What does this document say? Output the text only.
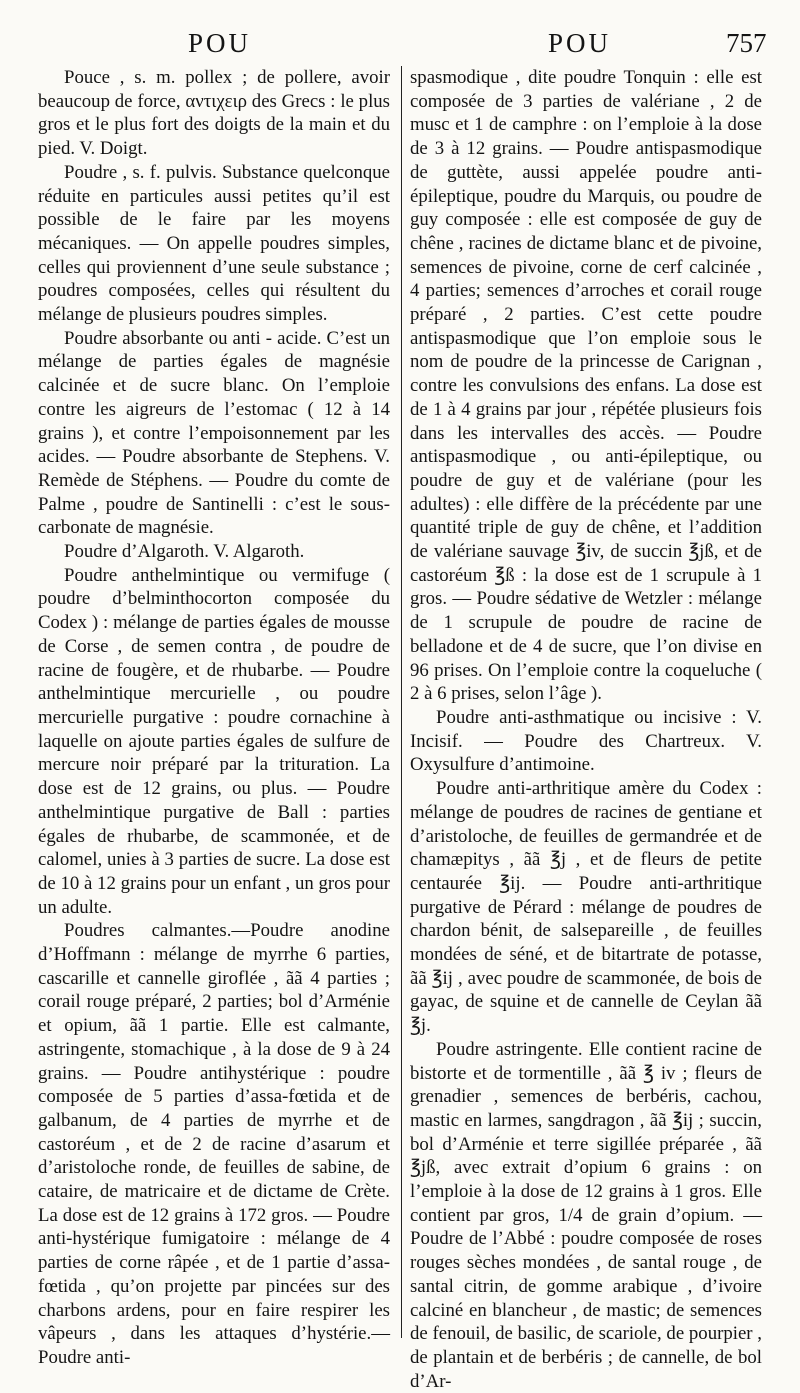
POU	POU	757

Pouce , s. m. pollex ; de pollere, avoir beaucoup de force, αντιχειρ des Grecs : le plus gros et le plus fort des doigts de la main et du pied. V. Doigt.

Poudre , s. f. pulvis. Substance quelconque réduite en particules aussi petites qu’il est possible de le faire par les moyens mécaniques. — On appelle poudres simples, celles qui proviennent d’une seule substance ; poudres composées, celles qui résultent du mélange de plusieurs poudres simples.

Poudre absorbante ou anti - acide. C’est un mélange de parties égales de magnésie calcinée et de sucre blanc. On l’emploie contre les aigreurs de l’estomac ( 12 à 14 grains ), et contre l’empoisonnement par les acides. — Poudre absorbante de Stephens. V. Remède de Stéphens. — Poudre du comte de Palme , poudre de Santinelli : c’est le sous-carbonate de magnésie.

Poudre d’Algaroth. V. Algaroth.

Poudre anthelmintique ou vermifuge ( poudre d’belminthocorton composée du Codex ) : mélange de parties égales de mousse de Corse , de semen contra , de poudre de racine de fougère, et de rhubarbe. — Poudre anthelmintique mercurielle , ou poudre mercurielle purgative : poudre cornachine à laquelle on ajoute parties égales de sulfure de mercure noir préparé par la trituration. La dose est de 12 grains, ou plus. — Poudre anthelmintique purgative de Ball : parties égales de rhubarbe, de scammonée, et de calomel, unies à 3 parties de sucre. La dose est de 10 à 12 grains pour un enfant , un gros pour un adulte.

Poudres calmantes.—Poudre anodine d’Hoffmann : mélange de myrrhe 6 parties, cascarille et cannelle giroflée , ãã 4 parties ; corail rouge préparé, 2 parties; bol d’Arménie et opium, ãã 1 partie. Elle est calmante, astringente, stomachique , à la dose de 9 à 24 grains. — Poudre antihystérique : poudre composée de 5 parties d’assa-fœtida et de galbanum, de 4 parties de myrrhe et de castoréum , et de 2 de racine d’asarum et d’aristoloche ronde, de feuilles de sabine, de cataire, de matricaire et de dictame de Crète. La dose est de 12 grains à 172 gros. — Poudre anti-hystérique fumigatoire : mélange de 4 parties de corne râpée , et de 1 partie d’assa-fœtida , qu’on projette par pincées sur des charbons ardens, pour en faire respirer les vâpeurs , dans les attaques d’hystérie.—Poudre anti-

spasmodique , dite poudre Tonquin : elle est composée de 3 parties de valériane , 2 de musc et 1 de camphre : on l’emploie à la dose de 3 à 12 grains. — Poudre antispasmodique de guttète, aussi appelée poudre anti-épileptique, poudre du Marquis, ou poudre de guy composée : elle est composée de guy de chêne , racines de dictame blanc et de pivoine, semences de pivoine, corne de cerf calcinée , 4 parties; semences d’arroches et corail rouge préparé , 2 parties. C’est cette poudre antispasmodique que l’on emploie sous le nom de poudre de la princesse de Carignan , contre les convulsions des enfans. La dose est de 1 à 4 grains par jour , répétée plusieurs fois dans les intervalles des accès. — Poudre antispasmodique , ou anti-épileptique, ou poudre de guy et de valériane (pour les adultes) : elle diffère de la précédente par une quantité triple de guy de chêne, et l’addition de valériane sauvage ℥iv, de succin ℥jß, et de castoréum ℥ß : la dose est de 1 scrupule à 1 gros. — Poudre sédative de Wetzler : mélange de 1 scrupule de poudre de racine de belladone et de 4 de sucre, que l’on divise en 96 prises. On l’emploie contre la coqueluche ( 2 à 6 prises, selon l’âge ).

Poudre anti-asthmatique ou incisive : V. Incisif. — Poudre des Chartreux. V. Oxysulfure d’antimoine.

Poudre anti-arthritique amère du Codex : mélange de poudres de racines de gentiane et d’aristoloche, de feuilles de germandrée et de chamæpitys , ãã ℥j , et de fleurs de petite centaurée ℥ij. — Poudre anti-arthritique purgative de Pérard : mélange de poudres de chardon bénit, de salsepareille , de feuilles mondées de séné, et de bitartrate de potasse, ãã ℥ij , avec poudre de scammonée, de bois de gayac, de squine et de cannelle de Ceylan ãã ℥j.

Poudre astringente. Elle contient racine de bistorte et de tormentille , ãã ℥ iv ; fleurs de grenadier , semences de berbéris, cachou, mastic en larmes, sangdragon , ãã ℥ij ; succin, bol d’Arménie et terre sigillée préparée , ãã ℥jß, avec extrait d’opium 6 grains : on l’emploie à la dose de 12 grains à 1 gros. Elle contient par gros, 1/4 de grain d’opium. — Poudre de l’Abbé : poudre composée de roses rouges sèches mondées , de santal rouge , de santal citrin, de gomme arabique , d’ivoire calciné en blancheur , de mastic; de semences de fenouil, de basilic, de scariole, de pourpier , de plantain et de berbéris ; de cannelle, de bol d’Ar-
